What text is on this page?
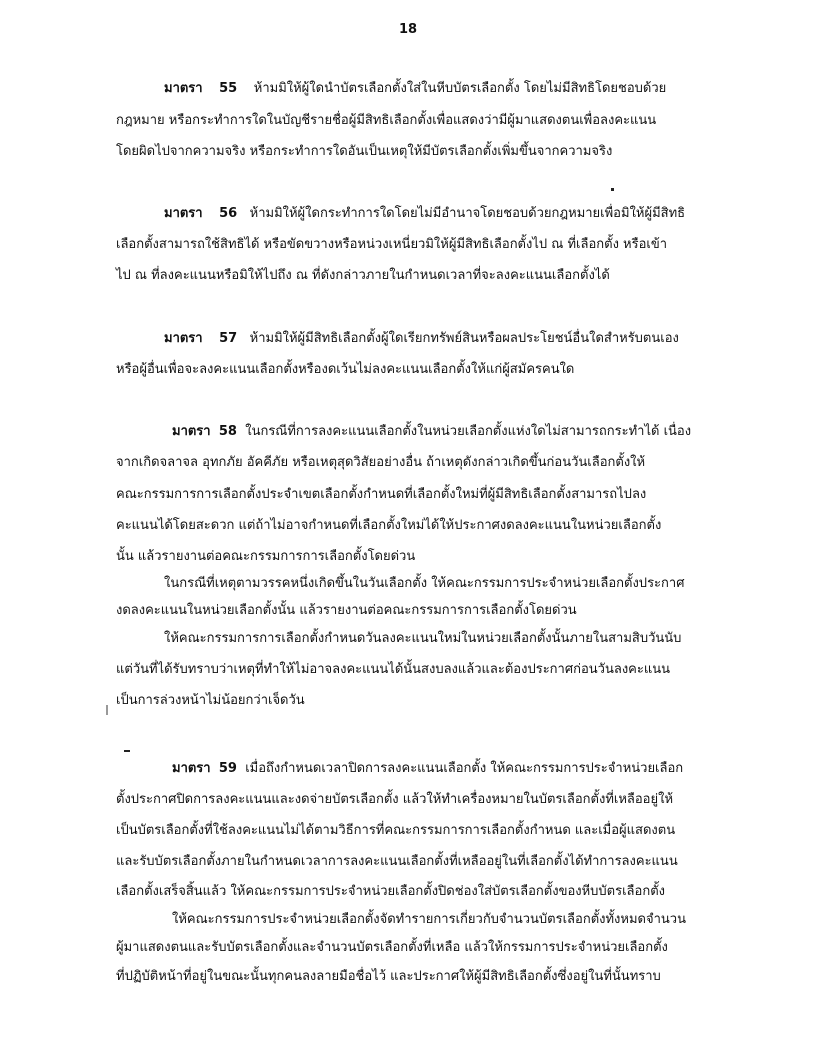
18
มาตรา 55 ห้ามมิให้ผู้ใดนำบัตรเลือกตั้งใส่ในหีบบัตรเลือกตั้ง โดยไม่มีสิทธิโดยชอบด้วย
กฎหมาย หรือกระทำการใดในบัญชีรายชื่อผู้มีสิทธิเลือกตั้งเพื่อแสดงว่ามีผู้มาแสดงตนเพื่อลงคะแนน
โดยผิดไปจากความจริง หรือกระทำการใดอันเป็นเหตุให้มีบัตรเลือกตั้งเพิ่มขึ้นจากความจริง
มาตรา 56 ห้ามมิให้ผู้ใดกระทำการใดโดยไม่มีอำนาจโดยชอบด้วยกฎหมายเพื่อมิให้ผู้มีสิทธิ
เลือกตั้งสามารถใช้สิทธิได้ หรือขัดขวางหรือหน่วงเหนี่ยวมิให้ผู้มีสิทธิเลือกตั้งไป ณ ที่เลือกตั้ง หรือเข้า
ไป ณ ที่ลงคะแนนหรือมิให้ไปถึง ณ ที่ดังกล่าวภายในกำหนดเวลาที่จะลงคะแนนเลือกตั้งได้
มาตรา 57 ห้ามมิให้ผู้มีสิทธิเลือกตั้งผู้ใดเรียกทรัพย์สินหรือผลประโยชน์อื่นใดสำหรับตนเอง
หรือผู้อื่นเพื่อจะลงคะแนนเลือกตั้งหรืองดเว้นไม่ลงคะแนนเลือกตั้งให้แก่ผู้สมัครคนใด
มาตรา 58 ในกรณีที่การลงคะแนนเลือกตั้งในหน่วยเลือกตั้งแห่งใดไม่สามารถกระทำได้ เนื่อง
จากเกิดจลาจล อุทกภัย อัคคีภัย หรือเหตุสุดวิสัยอย่างอื่น ถ้าเหตุดังกล่าวเกิดขึ้นก่อนวันเลือกตั้งให้
คณะกรรมการการเลือกตั้งประจำเขตเลือกตั้งกำหนดที่เลือกตั้งใหม่ที่ผู้มีสิทธิเลือกตั้งสามารถไปลง
คะแนนได้โดยสะดวก แต่ถ้าไม่อาจกำหนดที่เลือกตั้งใหม่ได้ให้ประกาศงดลงคะแนนในหน่วยเลือกตั้ง
นั้น แล้วรายงานต่อคณะกรรมการการเลือกตั้งโดยด่วน
ในกรณีที่เหตุตามวรรคหนึ่งเกิดขึ้นในวันเลือกตั้ง ให้คณะกรรมการประจำหน่วยเลือกตั้งประกาศ
งดลงคะแนนในหน่วยเลือกตั้งนั้น แล้วรายงานต่อคณะกรรมการการเลือกตั้งโดยด่วน
ให้คณะกรรมการการเลือกตั้งกำหนดวันลงคะแนนใหม่ในหน่วยเลือกตั้งนั้นภายในสามสิบวันนับ
แต่วันที่ได้รับทราบว่าเหตุที่ทำให้ไม่อาจลงคะแนนได้นั้นสงบลงแล้วและต้องประกาศก่อนวันลงคะแนน
เป็นการล่วงหน้าไม่น้อยกว่าเจ็ดวัน
มาตรา 59 เมื่อถึงกำหนดเวลาปิดการลงคะแนนเลือกตั้ง ให้คณะกรรมการประจำหน่วยเลือก
ตั้งประกาศปิดการลงคะแนนและงดจ่ายบัตรเลือกตั้ง แล้วให้ทำเครื่องหมายในบัตรเลือกตั้งที่เหลืออยู่ให้
เป็นบัตรเลือกตั้งที่ใช้ลงคะแนนไม่ได้ตามวิธีการที่คณะกรรมการการเลือกตั้งกำหนด และเมื่อผู้แสดงตน
และรับบัตรเลือกตั้งภายในกำหนดเวลาการลงคะแนนเลือกตั้งที่เหลืออยู่ในที่เลือกตั้งได้ทำการลงคะแนน
เลือกตั้งเสร็จสิ้นแล้ว ให้คณะกรรมการประจำหน่วยเลือกตั้งปิดช่องใส่บัตรเลือกตั้งของหีบบัตรเลือกตั้ง
ให้คณะกรรมการประจำหน่วยเลือกตั้งจัดทำรายการเกี่ยวกับจำนวนบัตรเลือกตั้งทั้งหมดจำนวน
ผู้มาแสดงตนและรับบัตรเลือกตั้งและจำนวนบัตรเลือกตั้งที่เหลือ แล้วให้กรรมการประจำหน่วยเลือกตั้ง
ที่ปฏิบัติหน้าที่อยู่ในขณะนั้นทุกคนลงลายมือชื่อไว้ และประกาศให้ผู้มีสิทธิเลือกตั้งซึ่งอยู่ในที่นั้นทราบ
